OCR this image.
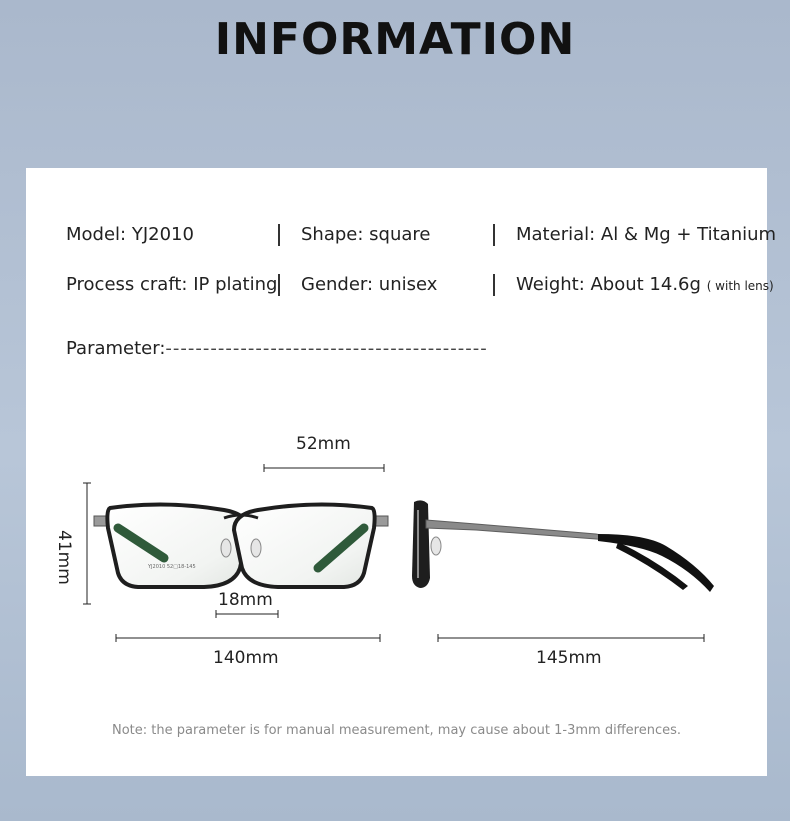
INFORMATION
Model: YJ2010	Shape: square	Material: Al & Mg + Titanium
Process craft: IP plating Gender: unisex	Weight: About 14.6g ( with lens)
Parameter:-------------------------------------------
YJ2010 52□18-145
52mm
41mm
18mm
140mm	145mm
Note: the parameter is for manual measurement, may cause about 1-3mm differences.
